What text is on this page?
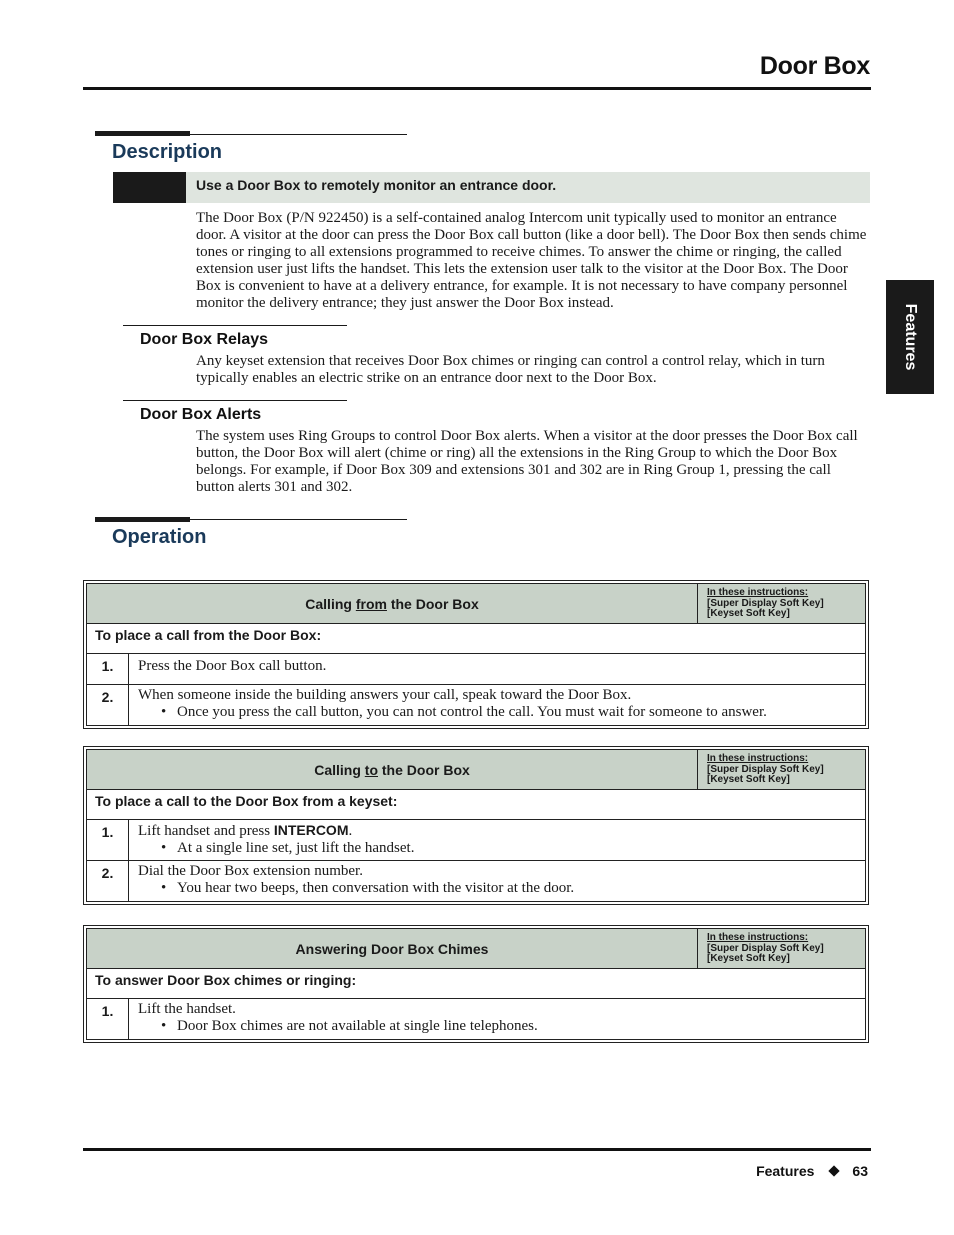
Door Box
Features
Description
Use a Door Box to remotely monitor an entrance door.
The Door Box (P/N 922450) is a self-contained analog Intercom unit typically used to monitor an entrance door. A visitor at the door can press the Door Box call button (like a door bell). The Door Box then sends chime tones or ringing to all extensions programmed to receive chimes. To answer the chime or ringing, the called extension user just lifts the handset. This lets the extension user talk to the visitor at the Door Box. The Door Box is convenient to have at a delivery entrance, for example. It is not necessary to have company personnel monitor the delivery entrance; they just answer the Door Box instead.
Door Box Relays
Any keyset extension that receives Door Box chimes or ringing can control a control relay, which in turn typically enables an electric strike on an entrance door next to the Door Box.
Door Box Alerts
The system uses Ring Groups to control Door Box alerts. When a visitor at the door presses the Door Box call button, the Door Box will alert (chime or ring) all the extensions in the Ring Group to which the Door Box belongs. For example, if Door Box 309 and extensions 301 and 302 are in Ring Group 1, pressing the call button alerts 301 and 302.
Operation
Calling from the Door Box	
In these instructions:
[Super Display Soft Key]
[Keyset Soft Key]

To place a call from the Door Box:

1.	Press the Door Box call button.

2.	When someone inside the building answers your call, speak toward the Door Box.
• Once you press the call button, you can not control the call. You must wait for someone to answer.
Calling to the Door Box	
In these instructions:
[Super Display Soft Key]
[Keyset Soft Key]

To place a call to the Door Box from a keyset:

1.	Lift handset and press INTERCOM.
• At a single line set, just lift the handset.

2.	Dial the Door Box extension number.
• You hear two beeps, then conversation with the visitor at the door.
Answering Door Box Chimes	
In these instructions:
[Super Display Soft Key]
[Keyset Soft Key]

To answer Door Box chimes or ringing:

1.	Lift the handset.
• Door Box chimes are not available at single line telephones.
Features	63
